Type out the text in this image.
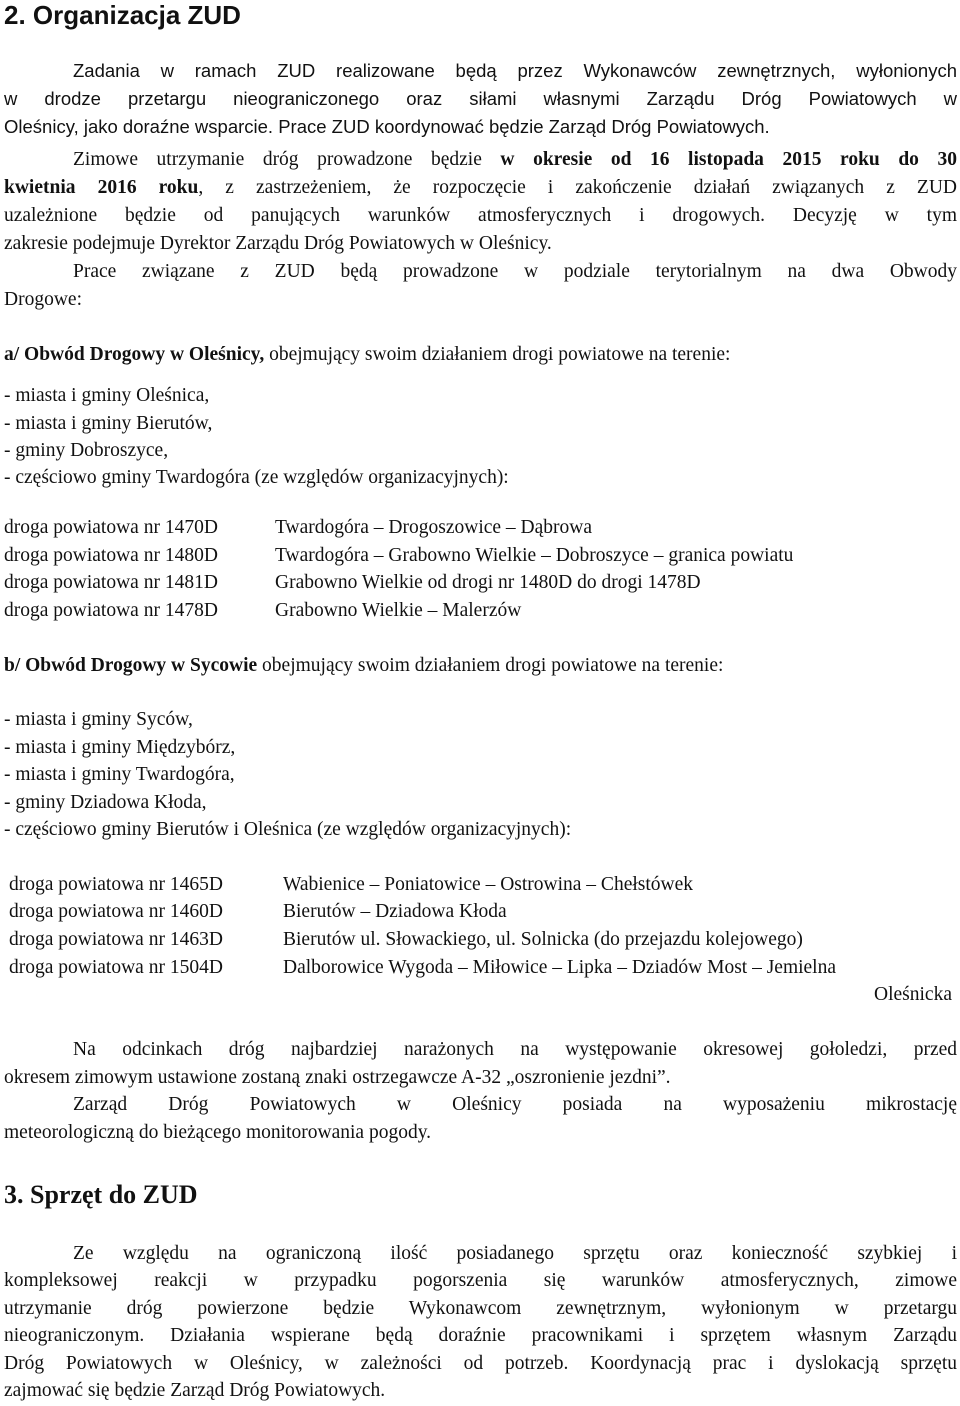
2. Organizacja ZUD
Zadania w ramach ZUD realizowane będą przez Wykonawców zewnętrznych, wyłonionych
w drodze przetargu nieograniczonego oraz siłami własnymi Zarządu Dróg Powiatowych w
Oleśnicy, jako doraźne wsparcie. Prace ZUD koordynować będzie Zarząd Dróg Powiatowych.
Zimowe utrzymanie dróg prowadzone będzie w okresie od 16 listopada 2015 roku do 30
kwietnia 2016 roku, z zastrzeżeniem, że rozpoczęcie i zakończenie działań związanych z ZUD
uzależnione będzie od panujących warunków atmosferycznych i drogowych. Decyzję w tym
zakresie podejmuje Dyrektor Zarządu Dróg Powiatowych w Oleśnicy.
Prace związane z ZUD będą prowadzone w podziale terytorialnym na dwa Obwody
Drogowe:
a/ Obwód Drogowy w Oleśnicy, obejmujący swoim działaniem drogi powiatowe na terenie:
- miasta i gminy Oleśnica,
- miasta i gminy Bierutów,
- gminy Dobroszyce,
- częściowo gminy Twardogóra (ze względów organizacyjnych):
droga powiatowa nr 1470D	Twardogóra – Drogoszowice – Dąbrowa
droga powiatowa nr 1480D	Twardogóra – Grabowno Wielkie – Dobroszyce – granica powiatu
droga powiatowa nr 1481D	Grabowno Wielkie od drogi nr 1480D do drogi 1478D
droga powiatowa nr 1478D	Grabowno Wielkie – Malerzów
b/ Obwód Drogowy w Sycowie obejmujący swoim działaniem drogi powiatowe na terenie:
- miasta i gminy Syców,
- miasta i gminy Międzybórz,
- miasta i gminy Twardogóra,
- gminy Dziadowa Kłoda,
- częściowo gminy Bierutów i Oleśnica (ze względów organizacyjnych):
droga powiatowa nr 1465D	Wabienice – Poniatowice – Ostrowina – Chełstówek
droga powiatowa nr 1460D	Bierutów – Dziadowa Kłoda
droga powiatowa nr 1463D	Bierutów ul. Słowackiego, ul. Solnicka (do przejazdu kolejowego)
droga powiatowa nr 1504D	Dalborowice Wygoda – Miłowice – Lipka – Dziadów Most – Jemielna
Oleśnicka
Na odcinkach dróg najbardziej narażonych na występowanie okresowej gołoledzi, przed
okresem zimowym ustawione zostaną znaki ostrzegawcze A-32 „oszronienie jezdni”.
Zarząd Dróg Powiatowych w Oleśnicy posiada na wyposażeniu mikrostację
meteorologiczną do bieżącego monitorowania pogody.
3. Sprzęt do ZUD
Ze względu na ograniczoną ilość posiadanego sprzętu oraz konieczność szybkiej i
kompleksowej reakcji w przypadku pogorszenia się warunków atmosferycznych, zimowe
utrzymanie dróg powierzone będzie Wykonawcom zewnętrznym, wyłonionym w przetargu
nieograniczonym. Działania wspierane będą doraźnie pracownikami i sprzętem własnym Zarządu
Dróg Powiatowych w Oleśnicy, w zależności od potrzeb. Koordynacją prac i dyslokacją sprzętu
zajmować się będzie Zarząd Dróg Powiatowych.
